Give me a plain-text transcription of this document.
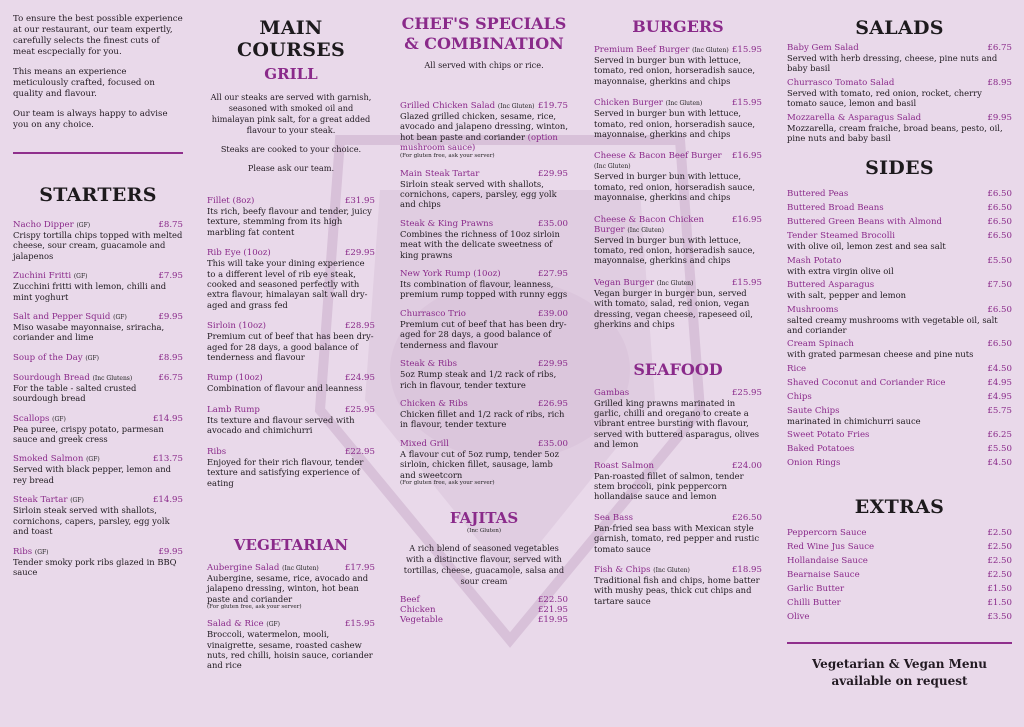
To ensure the best possible experience at our restaurant, our team expertly, carefully selects the finest cuts of meat escpecially for you.

This means an experience meticulously crafted, focused on quality and flavour.

Our team is always happy to advise you on any choice.

STARTERS
Nacho Dipper (GF)	£8.75
Crispy tortilla chips topped with melted cheese, sour cream, guacamole and jalapenos
Zuchini Fritti (GF)	£7.95
Zucchini fritti with lemon, chilli and mint yoghurt
Salt and Pepper Squid (GF)	£9.95
Miso wasabe mayonnaise, sriracha, coriander and lime
Soup of the Day (GF)	£8.95
Sourdough Bread (Inc Glutens)	£6.75
For the table - salted crusted sourdough bread
Scallops (GF)	£14.95
Pea puree, crispy potato, parmesan sauce and greek cress
Smoked Salmon (GF)	£13.75
Served with black pepper, lemon and rey bread
Steak Tartar (GF)	£14.95
Sirloin steak served with shallots, cornichons, capers, parsley, egg yolk and toast
Ribs (GF)	£9.95
Tender smoky pork ribs glazed in BBQ sauce
MAIN COURSES
GRILL
All our steaks are served with garnish, seasoned with smoked oil and himalayan pink salt, for a great added flavour to your steak.
Steaks are cooked to your choice.
Please ask our team.
Fillet (8oz)	£31.95
Its rich, beefy flavour and tender, juicy texture, stemming from its high marbling fat content
Rib Eye (10oz)	£29.95
This will take your dining experience to a different level of rib eye steak, cooked and seasoned perfectly with extra flavour, himalayan salt wall dry-aged and grass fed
Sirloin (10oz)	£28.95
Premium cut of beef that has been dry-aged for 28 days, a good balance of tenderness and flavour
Rump (10oz)	£24.95
Combination of flavour and leanness
Lamb Rump	£25.95
Its texture and flavour served with avocado and chimichurri
Ribs	£22.95
Enjoyed for their rich flavour, tender texture and satisfying experience of eating
VEGETARIAN
Aubergine Salad (Inc Gluten)	£17.95
Aubergine, sesame, rice, avocado and jalapeno dressing, winton, hot bean paste and coriander
(For gluten free, ask your server)
Salad & Rice (GF)	£15.95
Broccoli, watermelon, mooli, vinaigrette, sesame, roasted cashew nuts, red chilli, hoisin sauce, coriander and rice
CHEF'S SPECIALS & COMBINATION
All served with chips or rice.
Grilled Chicken Salad (Inc Gluten) £19.75
Glazed grilled chicken, sesame, rice, avocado and jalapeno dressing, winton, hot bean paste and coriander (option mushroom sauce)
(For gluten free, ask your server)
Main Steak Tartar	£29.95
Sirloin steak served with shallots, cornichons, capers, parsley, egg yolk and chips
Steak & King Prawns	£35.00
Combines the richness of 10oz sirloin meat with the delicate sweetness of king prawns
New York Rump (10oz)	£27.95
Its combination of flavour, leanness, premium rump topped with runny eggs
Churrasco Trio	£39.00
Premium cut of beef that has been dry-aged for 28 days, a good balance of tenderness and flavour
Steak & Ribs	£29.95
5oz Rump steak and 1/2 rack of ribs, rich in flavour, tender texture
Chicken & Ribs	£26.95
Chicken fillet and 1/2 rack of ribs, rich in flavour, tender texture
Mixed Grill	£35.00
A flavour cut of 5oz rump, tender 5oz sirloin, chicken fillet, sausage, lamb and sweetcorn
(For gluten free, ask your server)
FAJITAS
(Inc Gluten)
A rich blend of seasoned vegetables with a distinctive flavour, served with tortillas, cheese, guacamole, salsa and sour cream
Beef	£22.50
Chicken	£21.95
Vegetable	£19.95
BURGERS
Premium Beef Burger (Inc Gluten) £15.95
Served in burger bun with lettuce, tomato, red onion, horseradish sauce, mayonnaise, gherkins and chips
Chicken Burger (Inc Gluten)	£15.95
Served in burger bun with lettuce, tomato, red onion, horseradish sauce, mayonnaise, gherkins and chips
Cheese & Bacon Beef Burger (Inc Gluten)
£16.95
Served in burger bun with lettuce, tomato, red onion, horseradish sauce, mayonnaise, gherkins and chips
Cheese & Bacon Chicken Burger (Inc Gluten)
£16.95
Served in burger bun with lettuce, tomato, red onion, horseradish sauce, mayonnaise, gherkins and chips
Vegan Burger (Inc Gluten)	£15.95
Vegan burger in burger bun, served with tomato, salad, red onion, vegan dressing, vegan cheese, rapeseed oil, gherkins and chips
SEAFOOD
Gambas	£25.95
Grilled king prawns marinated in garlic, chilli and oregano to create a vibrant entree bursting with flavour, served with buttered asparagus, olives and lemon
Roast Salmon	£24.00
Pan-roasted fillet of salmon, tender stem broccoli, pink peppercorn hollandaise sauce and lemon
Sea Bass	£26.50
Pan-fried sea bass with Mexican style garnish, tomato, red pepper and rustic tomato sauce
Fish & Chips (Inc Gluten)	£18.95
Traditional fish and chips, home batter with mushy peas, thick cut chips and tartare sauce
SALADS
Baby Gem Salad	£6.75
Served with herb dressing, cheese, pine nuts and baby basil
Churrasco Tomato Salad	£8.95
Served with tomato, red onion, rocket, cherry tomato sauce, lemon and basil
Mozzarella & Asparagus Salad	£9.95
Mozzarella, cream fraiche, broad beans, pesto, oil, pine nuts and baby basil
SIDES
Buttered Peas	£6.50
Buttered Broad Beans	£6.50
Buttered Green Beans with Almond	£6.50
Tender Steamed Brocolli	£6.50
with olive oil, lemon zest and sea salt
Mash Potato	£5.50
with extra virgin olive oil
Buttered Asparagus	£7.50
with salt, pepper and lemon
Mushrooms	£6.50
salted creamy mushrooms with vegetable oil, salt and coriander
Cream Spinach	£6.50
with grated parmesan cheese and pine nuts
Rice	£4.50
Shaved Coconut and Coriander Rice	£4.95
Chips	£4.95
Saute Chips	£5.75
marinated in chimichurri sauce
Sweet Potato Fries	£6.25
Baked Potatoes	£5.50
Onion Rings	£4.50
EXTRAS
Peppercorn Sauce	£2.50
Red Wine Jus Sauce	£2.50
Hollandaise Sauce	£2.50
Bearnaise Sauce	£2.50
Garlic Butter	£1.50
Chilli Butter	£1.50
Olive	£3.50
Vegetarian & Vegan Menu
available on request
